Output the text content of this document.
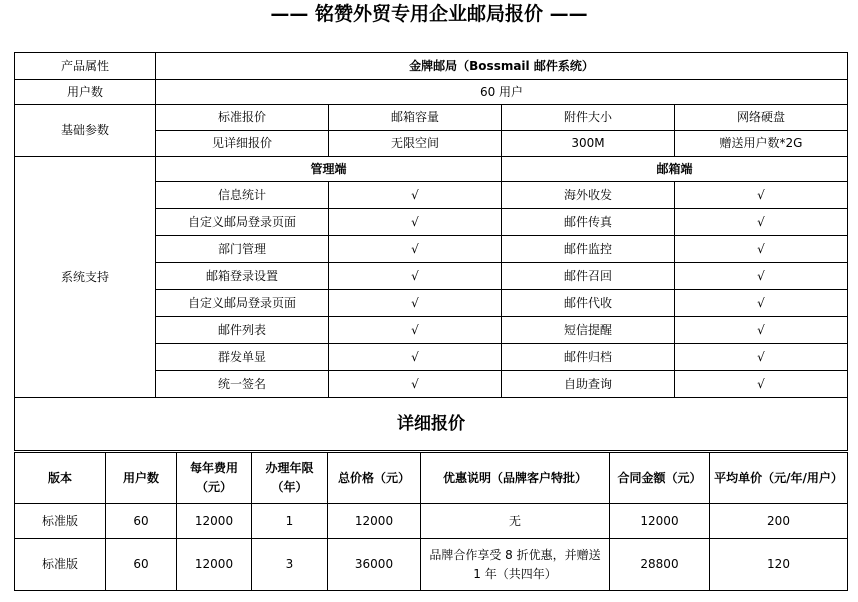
—— 铭赞外贸专用企业邮局报价 ——
产品属性	金牌邮局（Bossmail 邮件系统）			
用户数	60 用户			
基础参数	标准报价	邮箱容量	附件大小	网络硬盘
	见详细报价	无限空间	300M	赠送用户数*2G
系统支持	管理端		邮箱端	
	信息统计	√	海外收发	√
	自定义邮局登录页面	√	邮件传真	√
	部门管理	√	邮件监控	√
	邮箱登录设置	√	邮件召回	√
	自定义邮局登录页面	√	邮件代收	√
	邮件列表	√	短信提醒	√
	群发单显	√	邮件归档	√
	统一签名	√	自助查询	√
详细报价				
版本	用户数	每年费用（元）	办理年限（年）	总价格（元）	优惠说明（品牌客户特批）	合同金额（元）	平均单价（元/年/用户）
标准版	60	12000	1	12000	无	12000	200
标准版	60	12000	3	36000	品牌合作享受 8 折优惠，并赠送 1 年（共四年）	28800	120
